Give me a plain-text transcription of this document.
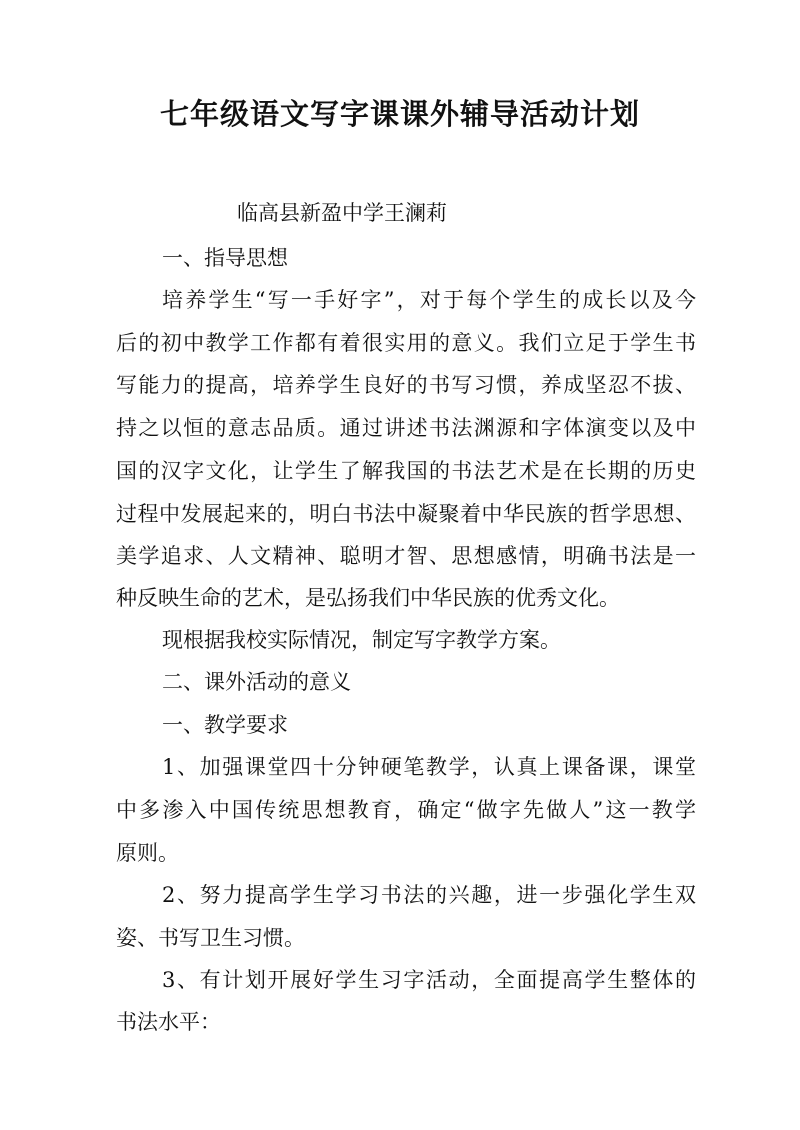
七年级语文写字课课外辅导活动计划
临高县新盈中学王澜莉
一、指导思想
培养学生“写一手好字”，对于每个学生的成长以及今
后的初中教学工作都有着很实用的意义。我们立足于学生书
写能力的提高，培养学生良好的书写习惯，养成坚忍不拔、
持之以恒的意志品质。通过讲述书法渊源和字体演变以及中
国的汉字文化，让学生了解我国的书法艺术是在长期的历史
过程中发展起来的，明白书法中凝聚着中华民族的哲学思想、
美学追求、人文精神、聪明才智、思想感情，明确书法是一
种反映生命的艺术，是弘扬我们中华民族的优秀文化。
现根据我校实际情况，制定写字教学方案。
二、课外活动的意义
一、教学要求
1、加强课堂四十分钟硬笔教学，认真上课备课，课堂
中多渗入中国传统思想教育，确定“做字先做人”这一教学
原则。
2、努力提高学生学习书法的兴趣，进一步强化学生双
姿、书写卫生习惯。
3、有计划开展好学生习字活动，全面提高学生整体的
书法水平：
